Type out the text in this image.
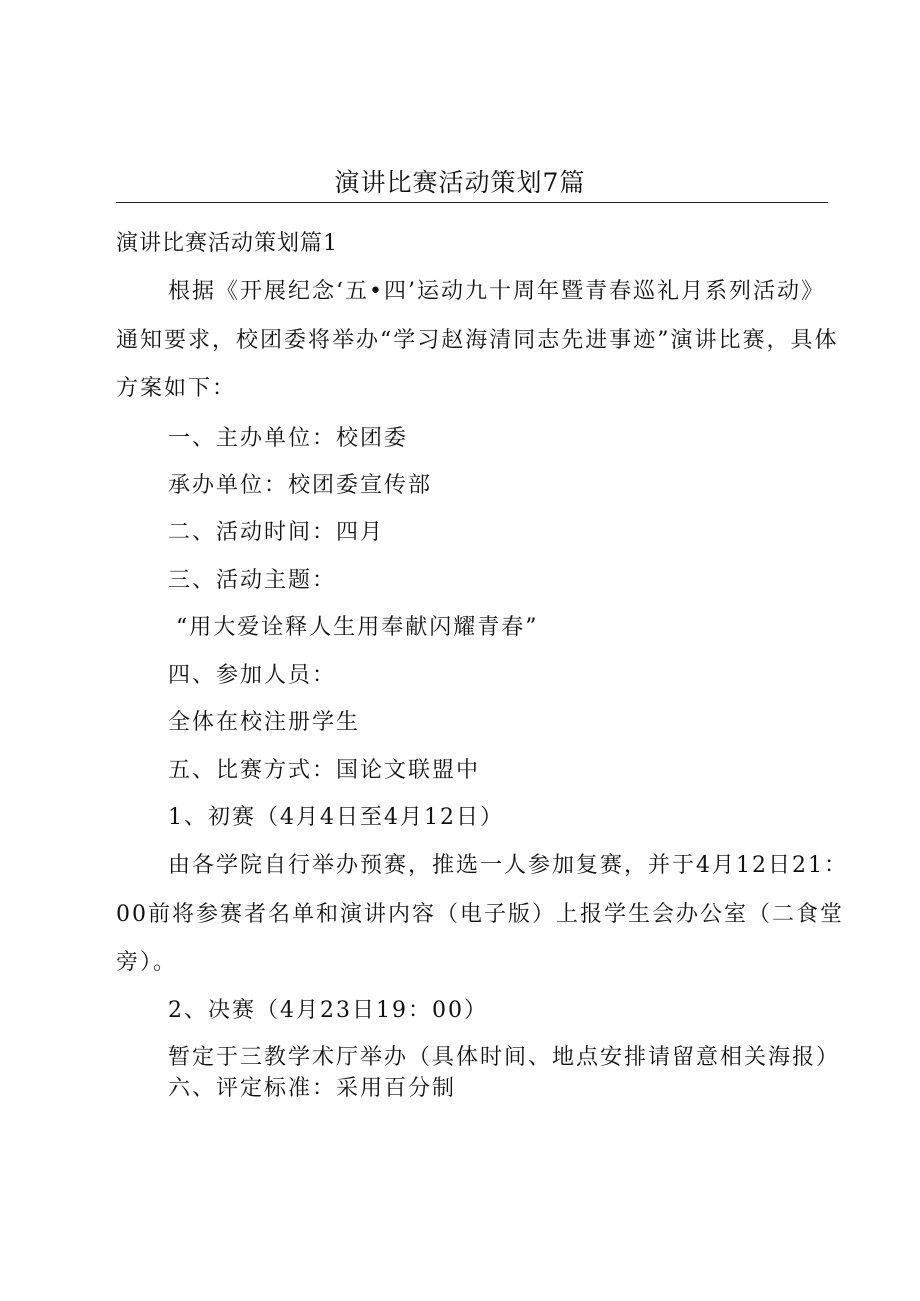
演讲比赛活动策划7篇

演讲比赛活动策划篇1

根据《开展纪念‘五•四’运动九十周年暨青春巡礼月系列活动》

通知要求，校团委将举办“学习赵海清同志先进事迹”演讲比赛，具体

方案如下：

一、主办单位：校团委

承办单位：校团委宣传部

二、活动时间：四月

三、活动主题：

“用大爱诠释人生用奉献闪耀青春”

四、参加人员：

全体在校注册学生

五、比赛方式：国论文联盟中

1、初赛（4月4日至4月12日）

由各学院自行举办预赛，推选一人参加复赛，并于4月12日21：

00前将参赛者名单和演讲内容（电子版）上报学生会办公室（二食堂

旁）。

2、决赛（4月23日19：00）

暂定于三教学术厅举办（具体时间、地点安排请留意相关海报）

六、评定标准：采用百分制
